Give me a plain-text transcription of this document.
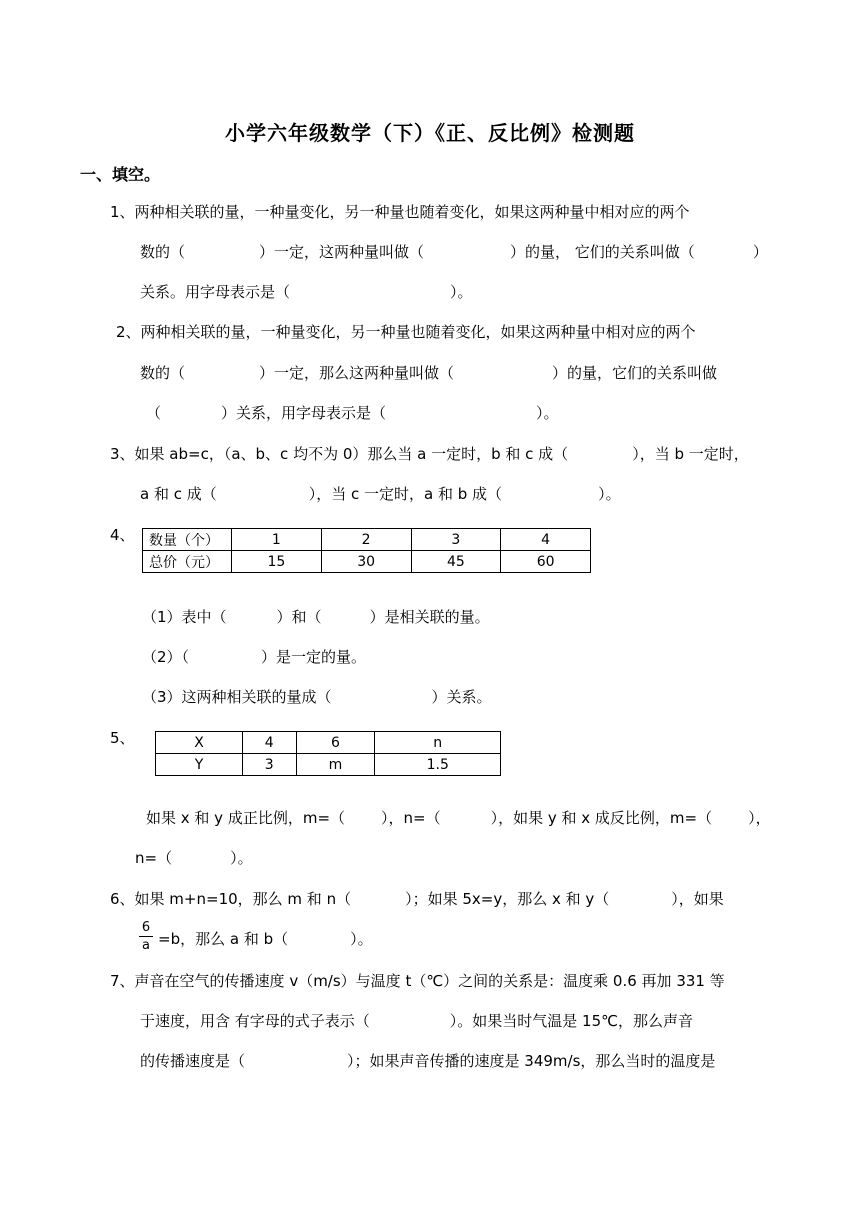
小学六年级数学（下）《正、反比例》检测题
一、填空。
1、两种相关联的量，一种量变化，另一种量也随着变化，如果这两种量中相对应的两个
数的（	）一定，这两种量叫做（	）的量， 它们的关系叫做（	）
关系。用字母表示是（	）。
2、两种相关联的量，一种量变化，另一种量也随着变化，如果这两种量中相对应的两个
数的（	）一定，那么这两种量叫做（	）的量，它们的关系叫做
（	）关系，用字母表示是（	）。
3、如果 ab=c，（a、b、c 均不为 0）那么当 a 一定时，b 和 c 成（	），当 b 一定时，
a 和 c 成（	），当 c 一定时，a 和 b 成（	）。
4、 数量（个）	1	2	3	4
总价（元）	15	30	45	60
（1）表中（	）和（	）是相关联的量。
（2）（	）是一定的量。
（3）这两种相关联的量成（	）关系。
5、	X	4	6	n
Y	3	m	1.5
如果 x 和 y 成正比例，m=（ ），n=（	），如果 y 和 x 成反比例，m=（ ），
n=（	）。
6、如果 m+n=10，那么 m 和 n（	）；如果 5x=y，那么 x 和 y（	），如果
6
a =b，那么 a 和 b（	）。
7、声音在空气的传播速度 v（m/s）与温度 t（℃）之间的关系是：温度乘 0.6 再加 331 等
于速度，用含 有字母的式子表示（	）。如果当时气温是 15℃，那么声音
的传播速度是（	）；如果声音传播的速度是 349m/s，那么当时的温度是
